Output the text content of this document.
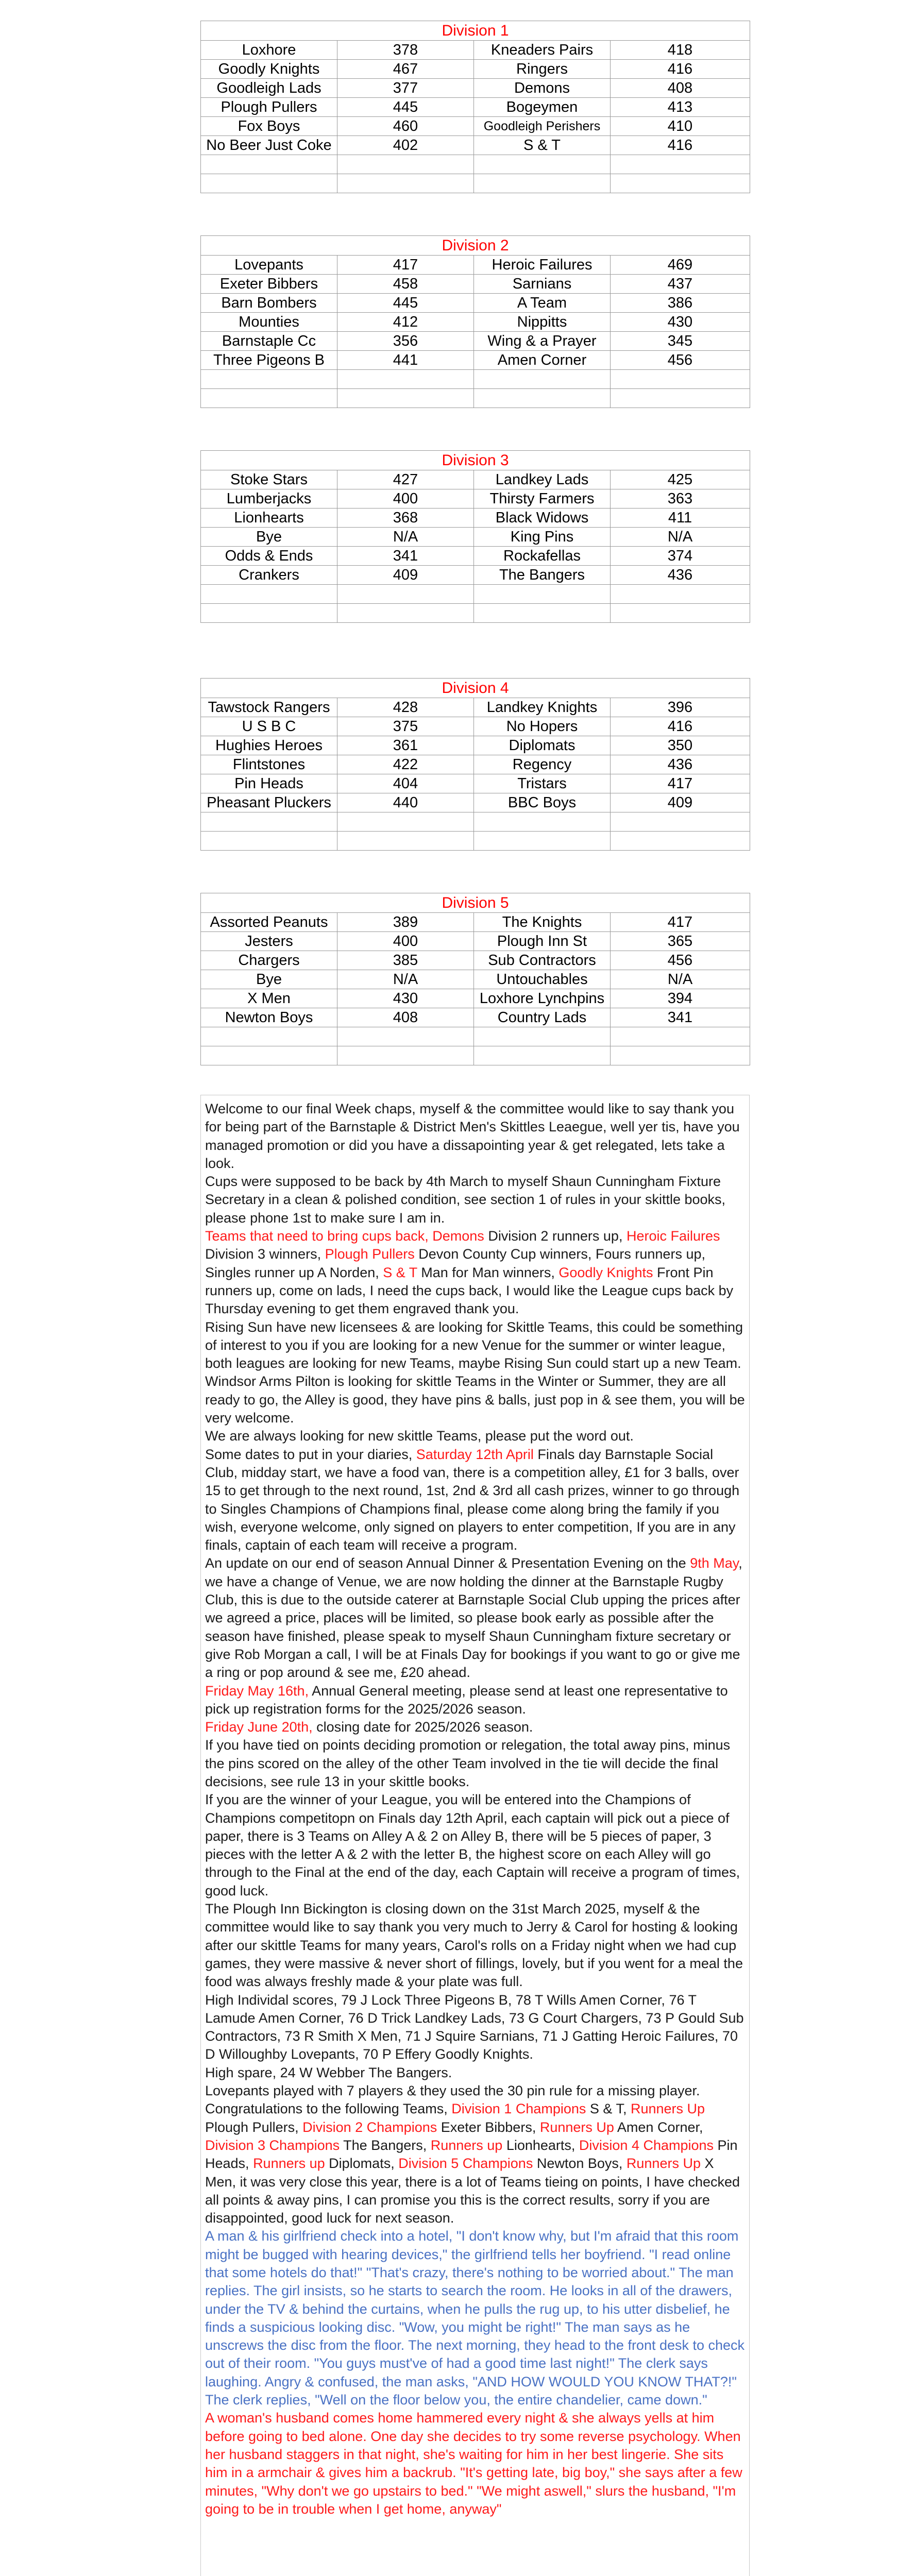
Division 1			
Loxhore	378	Kneaders Pairs	418
Goodly Knights	467	Ringers	416
Goodleigh Lads	377	Demons	408
Plough Pullers	445	Bogeymen	413
Fox Boys	460	Goodleigh Perishers	410
No Beer Just Coke	402	S & T	416

Division 2			
Lovepants	417	Heroic Failures	469
Exeter Bibbers	458	Sarnians	437
Barn Bombers	445	A Team	386
Mounties	412	Nippitts	430
Barnstaple Cc	356	Wing & a Prayer	345
Three Pigeons B	441	Amen Corner	456

Division 3			
Stoke Stars	427	Landkey Lads	425
Lumberjacks	400	Thirsty Farmers	363
Lionhearts	368	Black Widows	411
Bye	N/A	King Pins	N/A
Odds & Ends	341	Rockafellas	374
Crankers	409	The Bangers	436

Division 4			
Tawstock Rangers	428	Landkey Knights	396
U S B C	375	No Hopers	416
Hughies Heroes	361	Diplomats	350
Flintstones	422	Regency	436
Pin Heads	404	Tristars	417
Pheasant Pluckers	440	BBC Boys	409

Division 5			
Assorted Peanuts	389	The Knights	417
Jesters	400	Plough Inn St	365
Chargers	385	Sub Contractors	456
Bye	N/A	Untouchables	N/A
X Men	430	Loxhore Lynchpins	394
Newton Boys	408	Country Lads	341

Welcome to our final Week chaps, myself & the committee would like to say thank you for being part of the Barnstaple & District Men's Skittles Leaegue, well yer tis, have you managed promotion or did you have a dissapointing year & get relegated, lets take a look.

Cups were supposed to be back by 4th March to myself Shaun Cunningham Fixture Secretary in a clean & polished condition, see section 1 of rules in your skittle books, please phone 1st to make sure I am in.

Teams that need to bring cups back, Demons Division 2 runners up, Heroic Failures Division 3 winners, Plough Pullers Devon County Cup winners, Fours runners up, Singles runner up A Norden, S & T Man for Man winners, Goodly Knights Front Pin runners up, come on lads, I need the cups back, I would like the League cups back by Thursday evening to get them engraved thank you.

Rising Sun have new licensees & are looking for Skittle Teams, this could be something of interest to you if you are looking for a new Venue for the summer or winter league, both leagues are looking for new Teams, maybe Rising Sun could start up a new Team.

Windsor Arms Pilton is looking for skittle Teams in the Winter or Summer, they are all ready to go, the Alley is good, they have pins & balls, just pop in & see them, you will be very welcome.

We are always looking for new skittle Teams, please put the word out.

Some dates to put in your diaries, Saturday 12th April Finals day Barnstaple Social Club, midday start, we have a food van, there is a competition alley, £1 for 3 balls, over 15 to get through to the next round, 1st, 2nd & 3rd all cash prizes, winner to go through to Singles Champions of Champions final, please come along bring the family if you wish, everyone welcome, only signed on players to enter competition, If you are in any finals, captain of each team will receive a program.

An update on our end of season Annual Dinner & Presentation Evening on the 9th May, we have a change of Venue, we are now holding the dinner at the Barnstaple Rugby Club, this is due to the outside caterer at Barnstaple Social Club upping the prices after we agreed a price, places will be limited, so please book early as possible after the season have finished, please speak to myself Shaun Cunningham fixture secretary or give Rob Morgan a call, I will be at Finals Day for bookings if you want to go or give me a ring or pop around & see me, £20 ahead.

Friday May 16th, Annual General meeting, please send at least one representative to pick up registration forms for the 2025/2026 season.

Friday June 20th, closing date for 2025/2026 season.

If you have tied on points deciding promotion or relegation, the total away pins, minus the pins scored on the alley of the other Team involved in the tie will decide the final decisions, see rule 13 in your skittle books.

If you are the winner of your League, you will be entered into the Champions of Champions competitopn on Finals day 12th April, each captain will pick out a piece of paper, there is 3 Teams on Alley A & 2 on Alley B, there will be 5 pieces of paper, 3 pieces with the letter A & 2 with the letter B, the highest score on each Alley will go through to the Final at the end of the day, each Captain will receive a program of times, good luck.

The Plough Inn Bickington is closing down on the 31st March 2025, myself & the committee would like to say thank you very much to Jerry & Carol for hosting & looking after our skittle Teams for many years, Carol's rolls on a Friday night when we had cup games, they were massive & never short of fillings, lovely, but if you went for a meal the food was always freshly made & your plate was full.

High Individal scores, 79 J Lock Three Pigeons B, 78 T Wills Amen Corner, 76 T Lamude Amen Corner, 76 D Trick Landkey Lads, 73 G Court Chargers, 73 P Gould Sub Contractors, 73 R Smith X Men, 71 J Squire Sarnians, 71 J Gatting Heroic Failures, 70 D Willoughby Lovepants, 70 P Effery Goodly Knights.

High spare, 24 W Webber The Bangers.

Lovepants played with 7 players & they used the 30 pin rule for a missing player.

Congratulations to the following Teams, Division 1 Champions S & T, Runners Up Plough Pullers, Division 2 Champions Exeter Bibbers, Runners Up Amen Corner, Division 3 Champions The Bangers, Runners up Lionhearts, Division 4 Champions Pin Heads, Runners up Diplomats, Division 5 Champions Newton Boys, Runners Up X Men, it was very close this year, there is a lot of Teams tieing on points, I have checked all points & away pins, I can promise you this is the correct results, sorry if you are disappointed, good luck for next season.

A man & his girlfriend check into a hotel, "I don't know why, but I'm afraid that this room might be bugged with hearing devices," the girlfriend tells her boyfriend. "I read online that some hotels do that!" "That's crazy, there's nothing to be worried about." The man replies. The girl insists, so he starts to search the room. He looks in all of the drawers, under the TV & behind the curtains, when he pulls the rug up, to his utter disbelief, he finds a suspicious looking disc. "Wow, you might be right!" The man says as he unscrews the disc from the floor. The next morning, they head to the front desk to check out of their room. "You guys must've of had a good time last night!" The clerk says laughing. Angry & confused, the man asks, "AND HOW WOULD YOU KNOW THAT?!" The clerk replies, "Well on the floor below you, the entire chandelier, came down."

A woman's husband comes home hammered every night & she always yells at him before going to bed alone. One day she decides to try some reverse psychology. When her husband staggers in that night, she's waiting for him in her best lingerie. She sits him in a armchair & gives him a backrub. "It's getting late, big boy," she says after a few minutes, "Why don't we go upstairs to bed." "We might aswell," slurs the husband, "I'm going to be in trouble when I get home, anyway"
